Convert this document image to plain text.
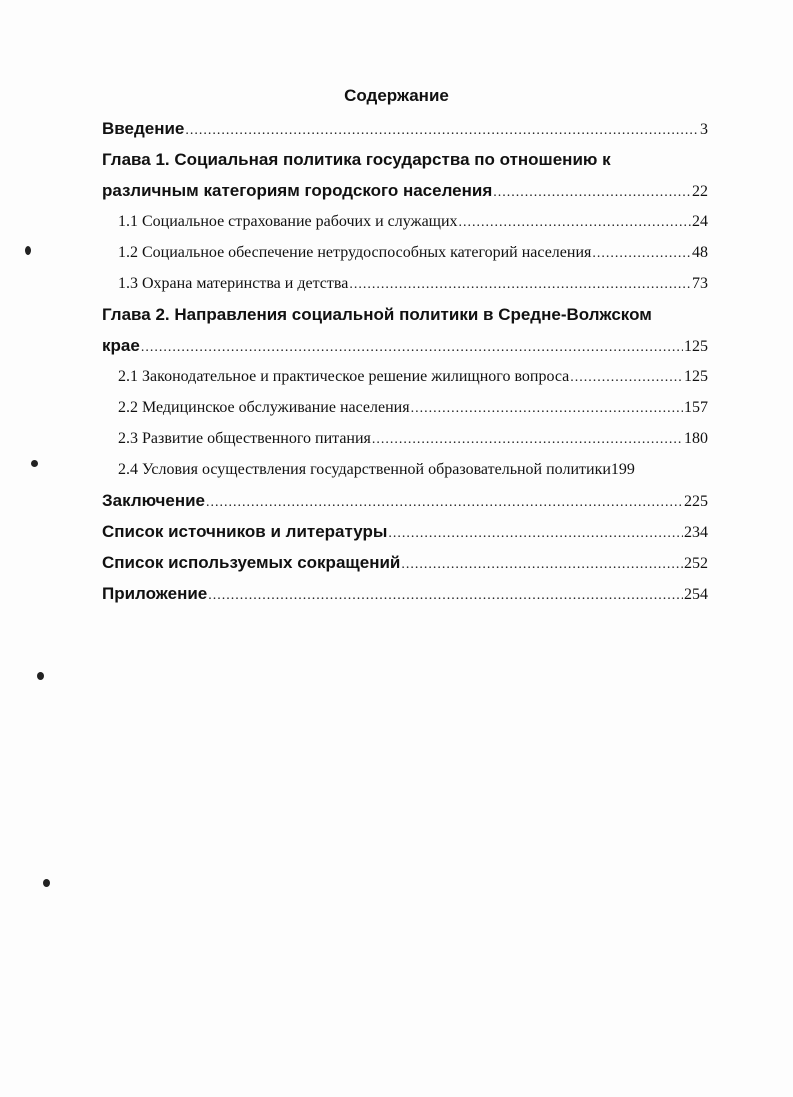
Содержание
Введение .....	3
Глава 1. Социальная политика государства по отношению к
различным категориям городского населения .....	22
1.1 Социальное страхование рабочих и служащих .....	24
1.2 Социальное обеспечение нетрудоспособных категорий населения .....	48
1.3 Охрана материнства и детства .....	73
Глава 2. Направления социальной политики в Средне-Волжском
крае .....	125
2.1 Законодательное и практическое решение жилищного вопроса .....	125
2.2 Медицинское обслуживание населения .....	157
2.3 Развитие общественного питания .....	180
2.4 Условия осуществления государственной образовательной политики 199
Заключение .....	225
Список источников и литературы .....	234
Список используемых сокращений .....	252
Приложение .....	254
